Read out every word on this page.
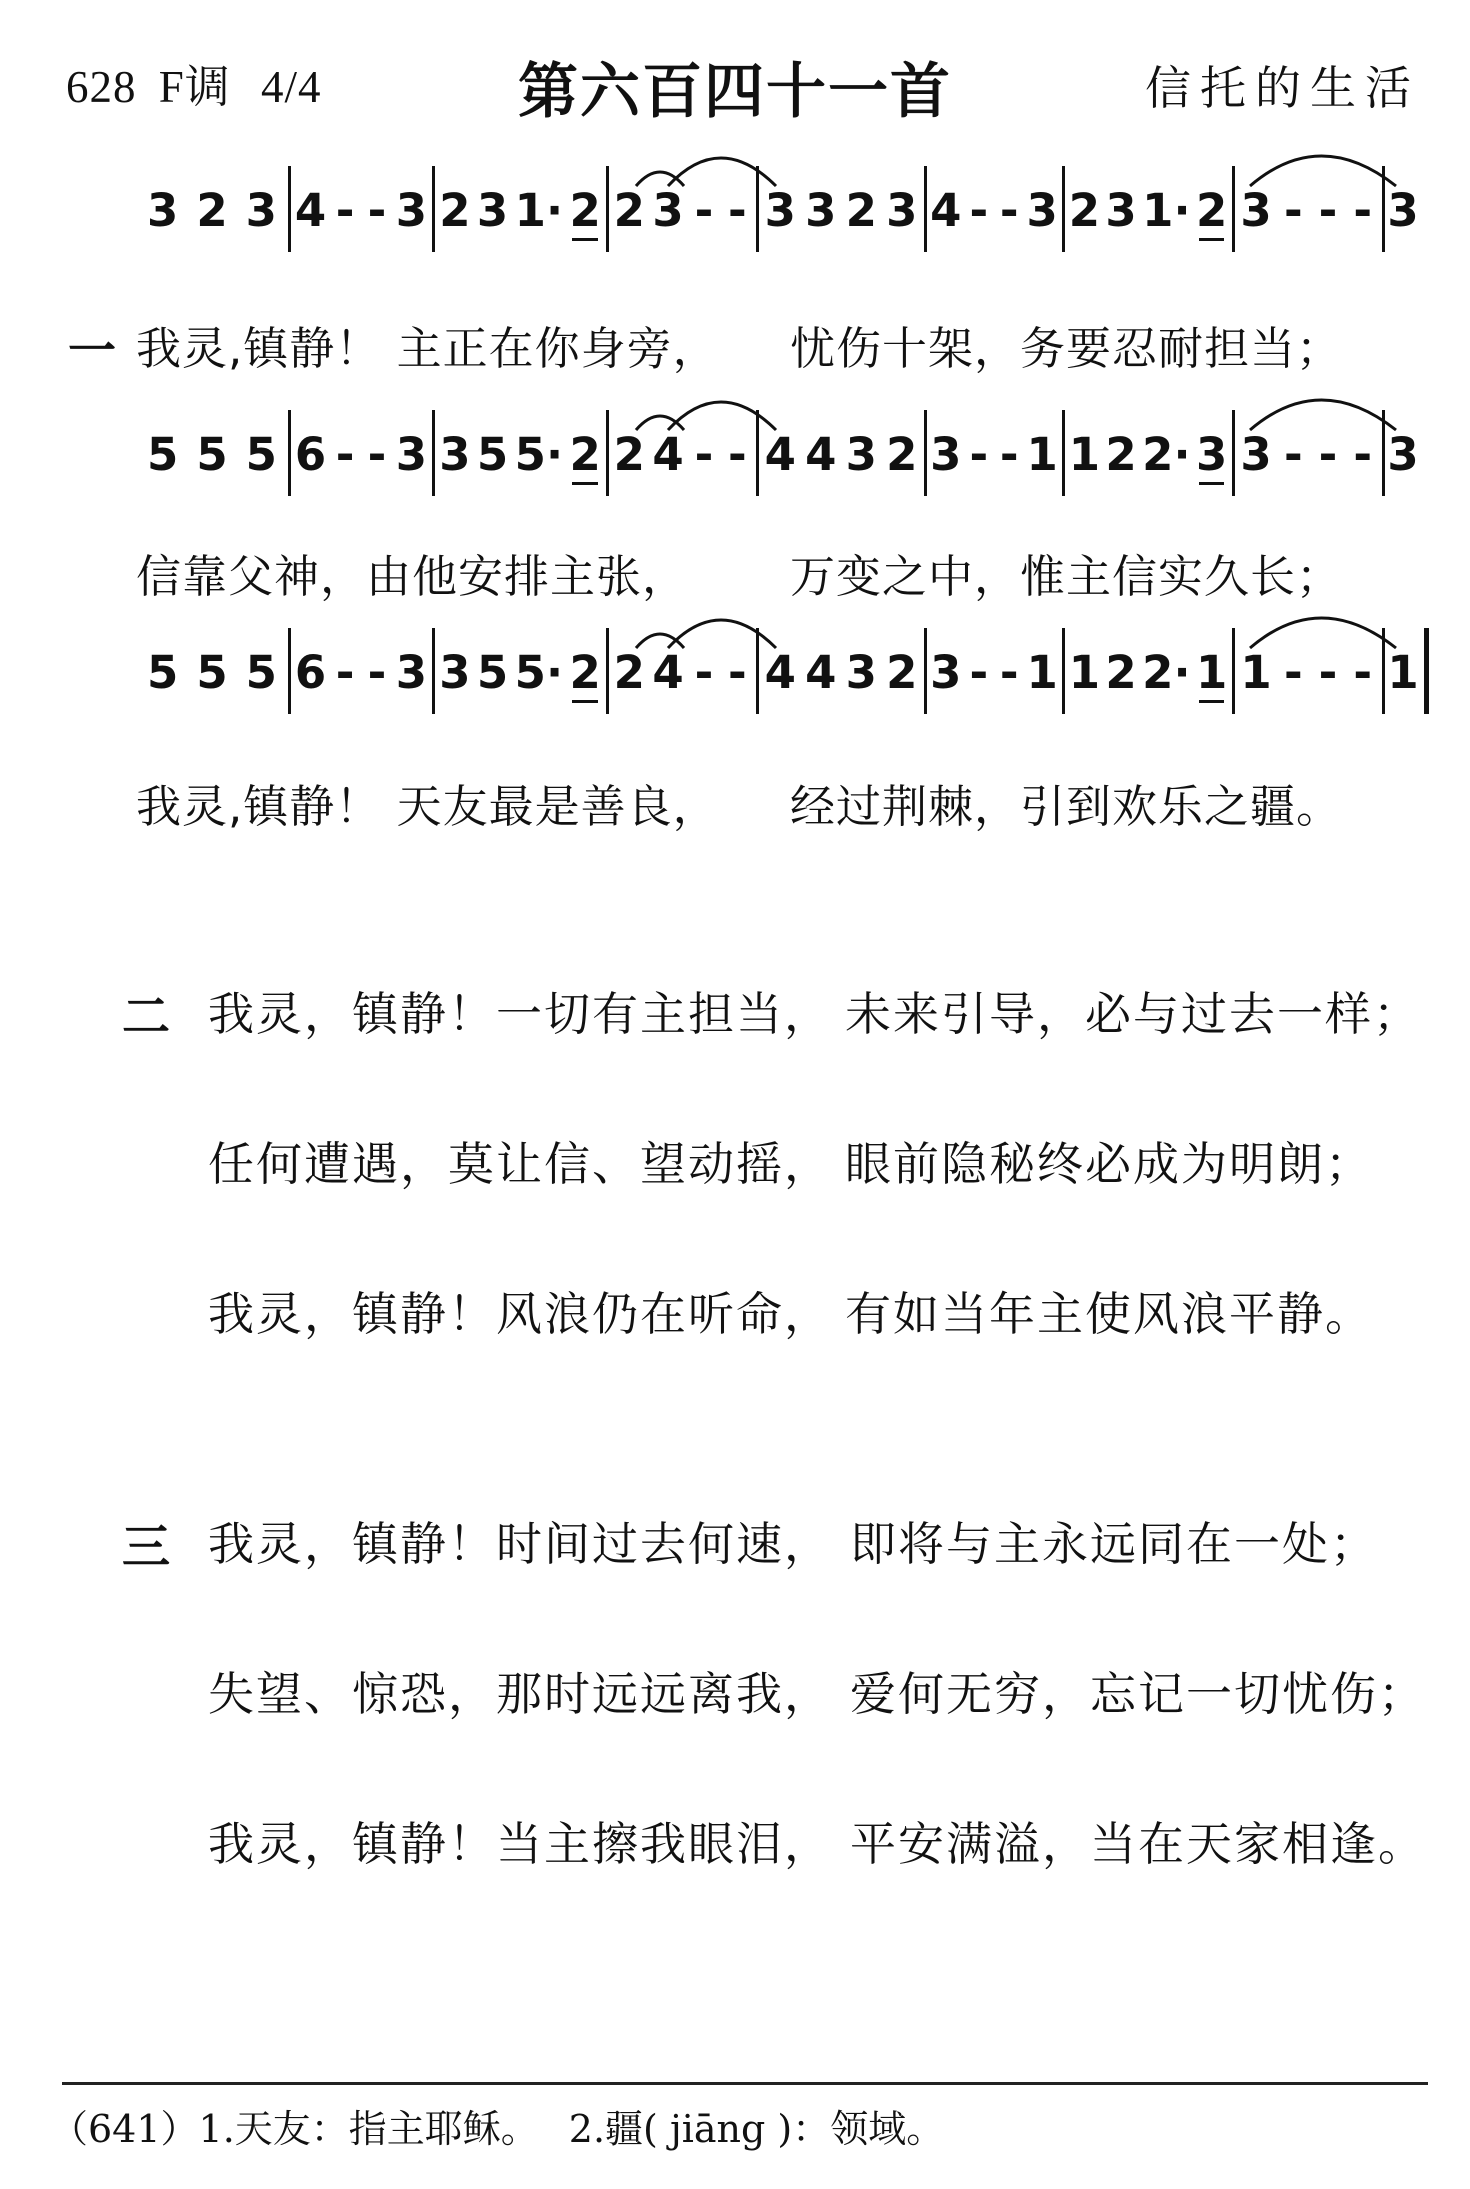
628 F调 4/4	第六百四十一首	信托的生活
3 2 3 4 - - 3 2 3 1· 2 2 3 - - 3 3 2 3 4 - - 3 2 3 1· 2 3 - - - 3
一 我灵,镇静！ 主正在你身旁， 忧伤十架，务要忍耐担当；
5 5 5 6 - - 3 3 5 5· 2 2 4 - - 4 4 3 2 3 - - 1 1 2 2· 3 3 - - - 3
信靠父神，由他安排主张， 万变之中，惟主信实久长；
5 5 5 6 - - 3 3 5 5· 2 2 4 - - 4 4 3 2 3 - - 1 1 2 2· 1 1 - - - 1
我灵,镇静！ 天友最是善良， 经过荆棘，引到欢乐之疆。
二 我灵，镇静！一切有主担当， 未来引导，必与过去一样；
任何遭遇，莫让信、望动摇， 眼前隐秘终必成为明朗；
我灵，镇静！风浪仍在听命， 有如当年主使风浪平静。
三 我灵，镇静！时间过去何速， 即将与主永远同在一处；
失望、惊恐，那时远远离我， 爱何无穷，忘记一切忧伤；
我灵，镇静！当主擦我眼泪， 平安满溢，当在天家相逢。
（641）1.天友：指主耶稣。 2.疆( jiāng )：领域。
